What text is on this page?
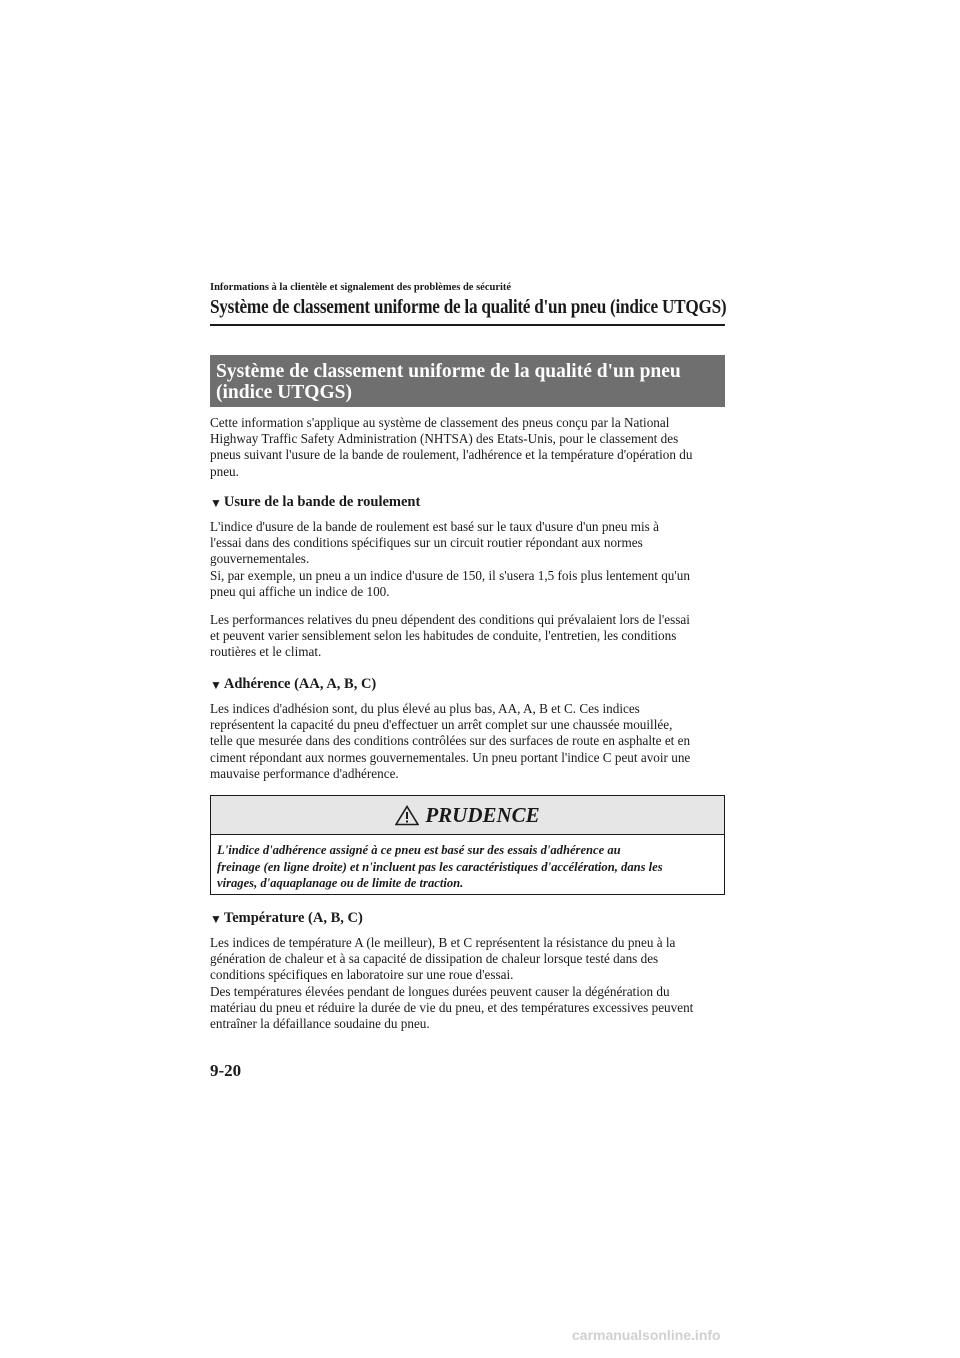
Informations à la clientèle et signalement des problèmes de sécurité
Système de classement uniforme de la qualité d'un pneu (indice UTQGS)
Système de classement uniforme de la qualité d'un pneu
(indice UTQGS)
Cette information s'applique au système de classement des pneus conçu par la National
Highway Traffic Safety Administration (NHTSA) des Etats-Unis, pour le classement des
pneus suivant l'usure de la bande de roulement, l'adhérence et la température d'opération du
pneu.
▼ Usure de la bande de roulement
L'indice d'usure de la bande de roulement est basé sur le taux d'usure d'un pneu mis à
l'essai dans des conditions spécifiques sur un circuit routier répondant aux normes
gouvernementales.
Si, par exemple, un pneu a un indice d'usure de 150, il s'usera 1,5 fois plus lentement qu'un
pneu qui affiche un indice de 100.
Les performances relatives du pneu dépendent des conditions qui prévalaient lors de l'essai
et peuvent varier sensiblement selon les habitudes de conduite, l'entretien, les conditions
routières et le climat.
▼ Adhérence (AA, A, B, C)
Les indices d'adhésion sont, du plus élevé au plus bas, AA, A, B et C. Ces indices
représentent la capacité du pneu d'effectuer un arrêt complet sur une chaussée mouillée,
telle que mesurée dans des conditions contrôlées sur des surfaces de route en asphalte et en
ciment répondant aux normes gouvernementales. Un pneu portant l'indice C peut avoir une
mauvaise performance d'adhérence.
PRUDENCE
L'indice d'adhérence assigné à ce pneu est basé sur des essais d'adhérence au
freinage (en ligne droite) et n'incluent pas les caractéristiques d'accélération, dans les
virages, d'aquaplanage ou de limite de traction.
▼ Température (A, B, C)
Les indices de température A (le meilleur), B et C représentent la résistance du pneu à la
génération de chaleur et à sa capacité de dissipation de chaleur lorsque testé dans des
conditions spécifiques en laboratoire sur une roue d'essai.
Des températures élevées pendant de longues durées peuvent causer la dégénération du
matériau du pneu et réduire la durée de vie du pneu, et des températures excessives peuvent
entraîner la défaillance soudaine du pneu.
9-20
carmanualsonline.info
